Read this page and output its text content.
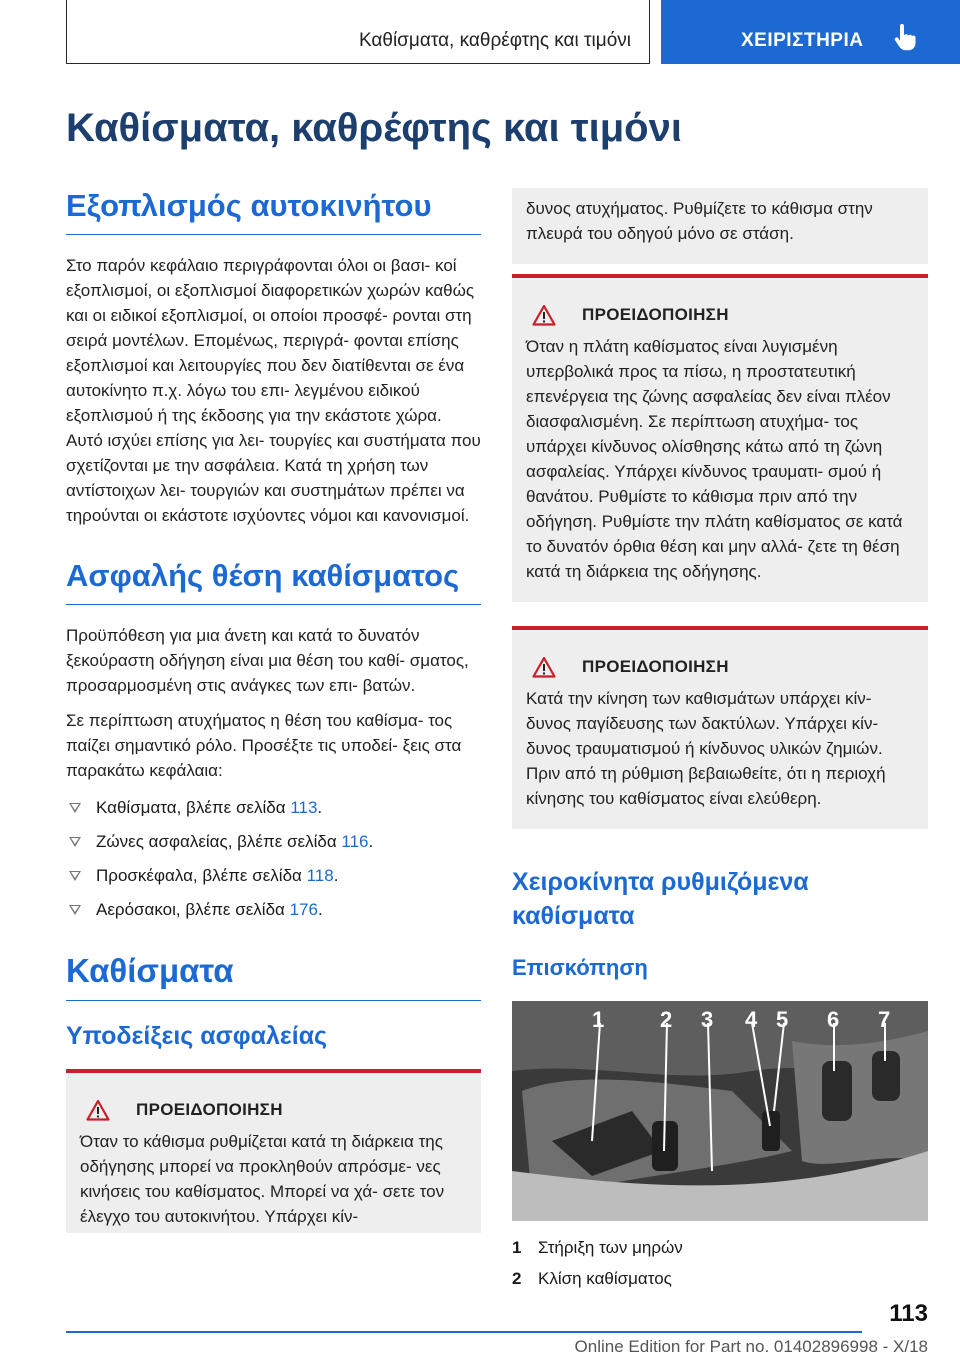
Καθίσματα, καθρέφτης και τιμόνι	ΧΕΙΡΙΣΤΗΡΙΑ
Καθίσματα, καθρέφτης και τιμόνι
Εξοπλισμός αυτοκινήτου

Στο παρόν κεφάλαιο περιγράφονται όλοι οι βασι‐ κοί εξοπλισμοί, οι εξοπλισμοί διαφορετικών χωρών καθώς και οι ειδικοί εξοπλισμοί, οι οποίοι προσφέ‐ ρονται στη σειρά μοντέλων. Επομένως, περιγρά‐ φονται επίσης εξοπλισμοί και λειτουργίες που δεν διατίθενται σε ένα αυτοκίνητο π.χ. λόγω του επι‐ λεγμένου ειδικού εξοπλισμού ή της έκδοσης για την εκάστοτε χώρα. Αυτό ισχύει επίσης για λει‐ τουργίες και συστήματα που σχετίζονται με την ασφάλεια. Κατά τη χρήση των αντίστοιχων λει‐ τουργιών και συστημάτων πρέπει να τηρούνται οι εκάστοτε ισχύοντες νόμοι και κανονισμοί.

Ασφαλής θέση καθίσματος

Προϋπόθεση για μια άνετη και κατά το δυνατόν ξεκούραστη οδήγηση είναι μια θέση του καθί‐ σματος, προσαρμοσμένη στις ανάγκες των επι‐ βατών.

Σε περίπτωση ατυχήματος η θέση του καθίσμα‐ τος παίζει σημαντικό ρόλο. Προσέξτε τις υποδεί‐ ξεις στα παρακάτω κεφάλαια:

Καθίσματα, βλέπε σελίδα 113.
Ζώνες ασφαλείας, βλέπε σελίδα 116.
Προσκέφαλα, βλέπε σελίδα 118.
Αερόσακοι, βλέπε σελίδα 176.
Καθίσματα
Υποδείξεις ασφαλείας
ΠΡΟΕΙΔΟΠΟΙΗΣΗ

Όταν το κάθισμα ρυθμίζεται κατά τη διάρκεια της οδήγησης μπορεί να προκληθούν απρόσμε‐ νες κινήσεις του καθίσματος. Μπορεί να χά‐ σετε τον έλεγχο του αυτοκινήτου. Υπάρχει κίν‐

δυνος ατυχήματος. Ρυθμίζετε το κάθισμα στην πλευρά του οδηγού μόνο σε στάση.

ΠΡΟΕΙΔΟΠΟΙΗΣΗ

Όταν η πλάτη καθίσματος είναι λυγισμένη υπερβολικά προς τα πίσω, η προστατευτική επενέργεια της ζώνης ασφαλείας δεν είναι πλέον διασφαλισμένη. Σε περίπτωση ατυχήμα‐ τος υπάρχει κίνδυνος ολίσθησης κάτω από τη ζώνη ασφαλείας. Υπάρχει κίνδυνος τραυματι‐ σμού ή θανάτου. Ρυθμίστε το κάθισμα πριν από την οδήγηση. Ρυθμίστε την πλάτη καθίσματος σε κατά το δυνατόν όρθια θέση και μην αλλά‐ ζετε τη θέση κατά τη διάρκεια της οδήγησης.

ΠΡΟΕΙΔΟΠΟΙΗΣΗ

Κατά την κίνηση των καθισμάτων υπάρχει κίν‐ δυνος παγίδευσης των δακτύλων. Υπάρχει κίν‐ δυνος τραυματισμού ή κίνδυνος υλικών ζημιών. Πριν από τη ρύθμιση βεβαιωθείτε, ότι η περιοχή κίνησης του καθίσματος είναι ελεύθερη.

Χειροκίνητα ρυθμιζόμενα καθίσματα
Επισκόπηση
1	2 3 4 5 6 7
1 Στήριξη των μηρών
2 Κλίση καθίσματος
113
Online Edition for Part no. 01402896998 - X/18
